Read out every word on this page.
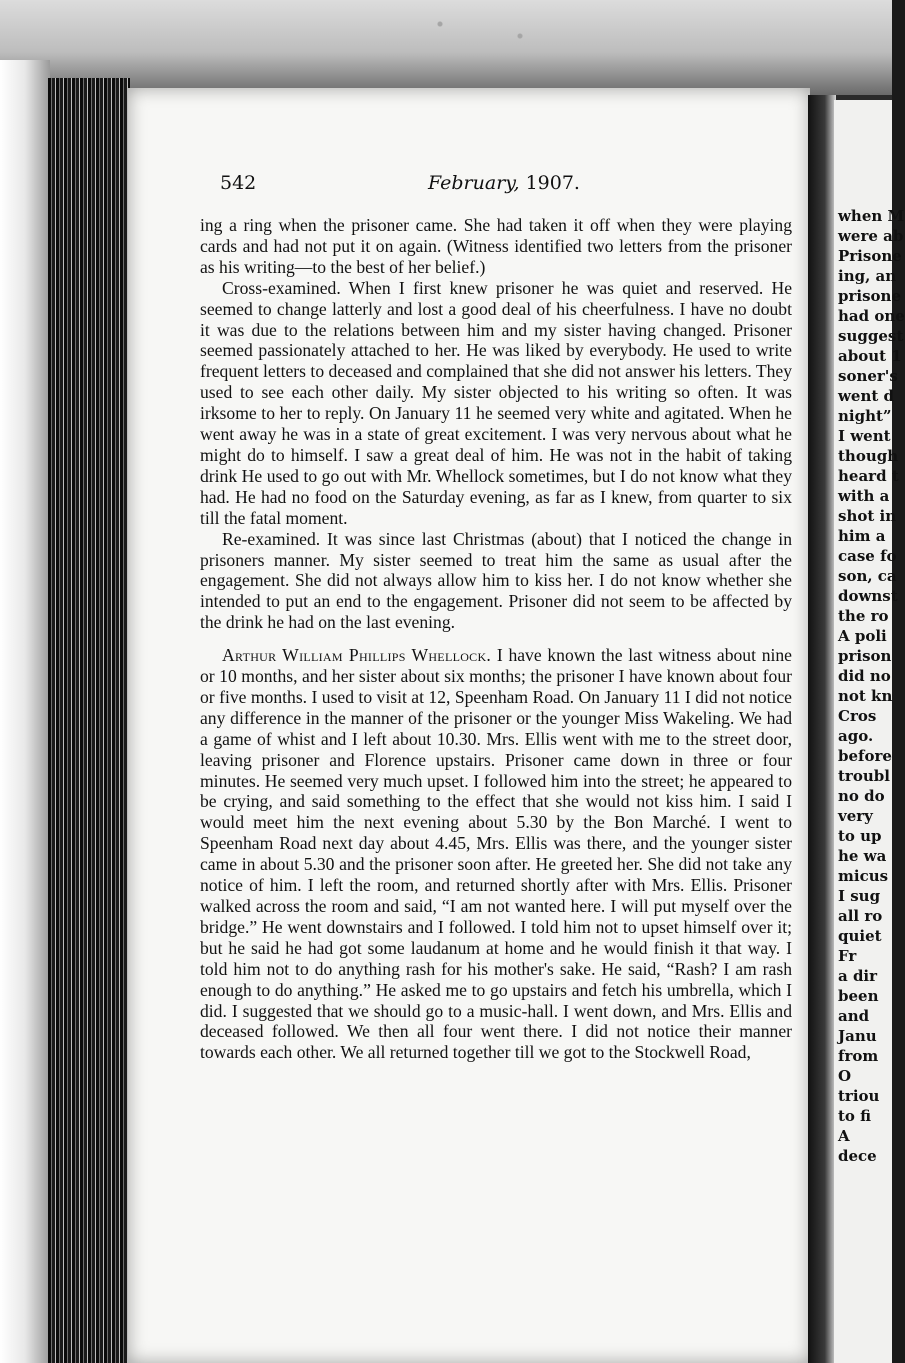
when M
were ab
Prisone
ing, an
prisone
had one
suggest
about 1
soner's
went d
night”
I went
though
heard t
with a
shot in
him a
case fo
son, ca
downst
the ro
A poli
prison
did no
not kn
Cros
ago.
before
troubl
no do
very
to up
he wa
micus
I sug
all ro
quiet
Fr
a dir
been
and
Janu
from
O
triou
to fi
A
dece
542	February, 1907.

ing a ring when the prisoner came. She had taken it off when they were playing cards and had not put it on again. (Witness identified two letters from the prisoner as his writing—to the best of her belief.)

Cross-examined. When I first knew prisoner he was quiet and reserved. He seemed to change latterly and lost a good deal of his cheerfulness. I have no doubt it was due to the relations between him and my sister having changed. Prisoner seemed passionately attached to her. He was liked by everybody. He used to write frequent letters to deceased and complained that she did not answer his letters. They used to see each other daily. My sister objected to his writing so often. It was irksome to her to reply. On January 11 he seemed very white and agitated. When he went away he was in a state of great excitement. I was very nervous about what he might do to himself. I saw a great deal of him. He was not in the habit of taking drink He used to go out with Mr. Whellock sometimes, but I do not know what they had. He had no food on the Saturday evening, as far as I knew, from quarter to six till the fatal moment.

Re-examined. It was since last Christmas (about) that I noticed the change in prisoners manner. My sister seemed to treat him the same as usual after the engagement. She did not always allow him to kiss her. I do not know whether she intended to put an end to the engagement. Prisoner did not seem to be affected by the drink he had on the last evening.

Arthur William Phillips Whellock. I have known the last witness about nine or 10 months, and her sister about six months; the prisoner I have known about four or five months. I used to visit at 12, Speenham Road. On January 11 I did not notice any difference in the manner of the prisoner or the younger Miss Wakeling. We had a game of whist and I left about 10.30. Mrs. Ellis went with me to the street door, leaving prisoner and Florence upstairs. Prisoner came down in three or four minutes. He seemed very much upset. I followed him into the street; he appeared to be crying, and said something to the effect that she would not kiss him. I said I would meet him the next evening about 5.30 by the Bon Marché. I went to Speenham Road next day about 4.45, Mrs. Ellis was there, and the younger sister came in about 5.30 and the prisoner soon after. He greeted her. She did not take any notice of him. I left the room, and returned shortly after with Mrs. Ellis. Prisoner walked across the room and said, “I am not wanted here. I will put myself over the bridge.” He went downstairs and I followed. I told him not to upset himself over it; but he said he had got some laudanum at home and he would finish it that way. I told him not to do anything rash for his mother's sake. He said, “Rash? I am rash enough to do anything.” He asked me to go upstairs and fetch his umbrella, which I did. I suggested that we should go to a music-hall. I went down, and Mrs. Ellis and deceased followed. We then all four went there. I did not notice their manner towards each other. We all returned together till we got to the Stockwell Road,
